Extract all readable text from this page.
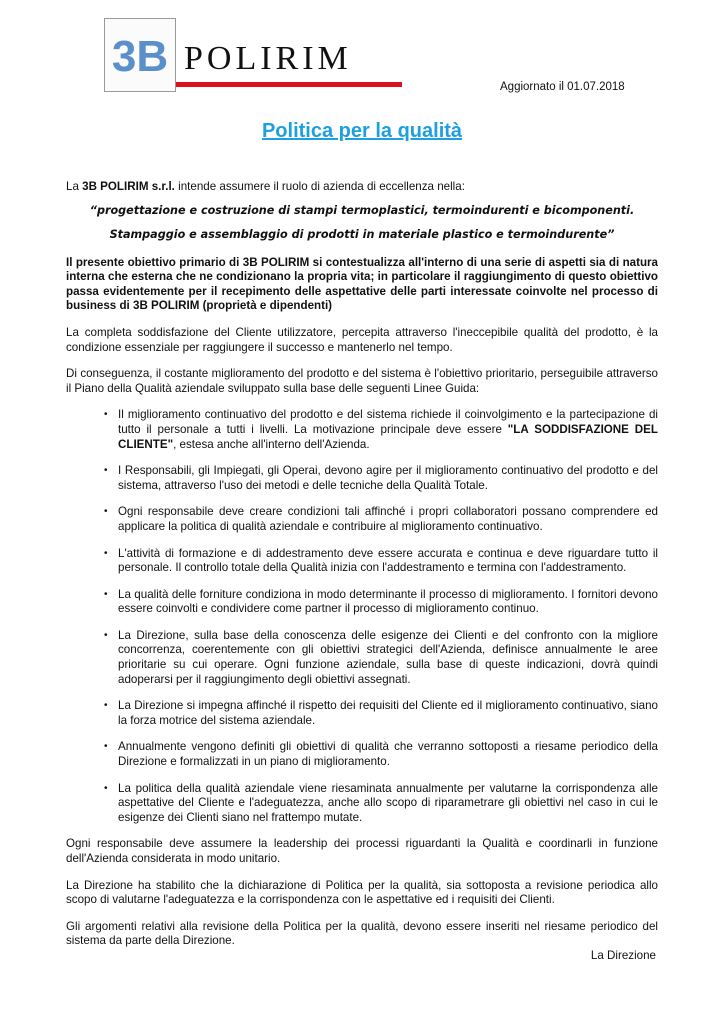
3B POLIRIM
Aggiornato il 01.07.2018
Politica per la qualità

La 3B POLIRIM s.r.l. intende assumere il ruolo di azienda di eccellenza nella:

“progettazione e costruzione di stampi termoplastici, termoindurenti e bicomponenti.

Stampaggio e assemblaggio di prodotti in materiale plastico e termoindurente”

Il presente obiettivo primario di 3B POLIRIM si contestualizza all'interno di una serie di aspetti sia di natura interna che esterna che ne condizionano la propria vita; in particolare il raggiungimento di questo obiettivo passa evidentemente per il recepimento delle aspettative delle parti interessate coinvolte nel processo di business di 3B POLIRIM (proprietà e dipendenti)

La completa soddisfazione del Cliente utilizzatore, percepita attraverso l'ineccepibile qualità del prodotto, è la condizione essenziale per raggiungere il successo e mantenerlo nel tempo.

Di conseguenza, il costante miglioramento del prodotto e del sistema è l'obiettivo prioritario, perseguibile attraverso il Piano della Qualità aziendale sviluppato sulla base delle seguenti Linee Guida:

• Il miglioramento continuativo del prodotto e del sistema richiede il coinvolgimento e la partecipazione di tutto il personale a tutti i livelli. La motivazione principale deve essere "LA SODDISFAZIONE DEL CLIENTE", estesa anche all'interno dell'Azienda.
• I Responsabili, gli Impiegati, gli Operai, devono agire per il miglioramento continuativo del prodotto e del sistema, attraverso l'uso dei metodi e delle tecniche della Qualità Totale.
• Ogni responsabile deve creare condizioni tali affinché i propri collaboratori possano comprendere ed applicare la politica di qualità aziendale e contribuire al miglioramento continuativo.
• L'attività di formazione e di addestramento deve essere accurata e continua e deve riguardare tutto il personale. Il controllo totale della Qualità inizia con l'addestramento e termina con l'addestramento.
• La qualità delle forniture condiziona in modo determinante il processo di miglioramento. I fornitori devono essere coinvolti e condividere come partner il processo di miglioramento continuo.
• La Direzione, sulla base della conoscenza delle esigenze dei Clienti e del confronto con la migliore concorrenza, coerentemente con gli obiettivi strategici dell'Azienda, definisce annualmente le aree prioritarie su cui operare. Ogni funzione aziendale, sulla base di queste indicazioni, dovrà quindi adoperarsi per il raggiungimento degli obiettivi assegnati.
• La Direzione si impegna affinché il rispetto dei requisiti del Cliente ed il miglioramento continuativo, siano la forza motrice del sistema aziendale.
• Annualmente vengono definiti gli obiettivi di qualità che verranno sottoposti a riesame periodico della Direzione e formalizzati in un piano di miglioramento.
• La politica della qualità aziendale viene riesaminata annualmente per valutarne la corrispondenza alle aspettative del Cliente e l'adeguatezza, anche allo scopo di riparametrare gli obiettivi nel caso in cui le esigenze dei Clienti siano nel frattempo mutate.

Ogni responsabile deve assumere la leadership dei processi riguardanti la Qualità e coordinarli in funzione dell'Azienda considerata in modo unitario.

La Direzione ha stabilito che la dichiarazione di Politica per la qualità, sia sottoposta a revisione periodica allo scopo di valutarne l'adeguatezza e la corrispondenza con le aspettative ed i requisiti dei Clienti.

Gli argomenti relativi alla revisione della Politica per la qualità, devono essere inseriti nel riesame periodico del sistema da parte della Direzione.

La Direzione
